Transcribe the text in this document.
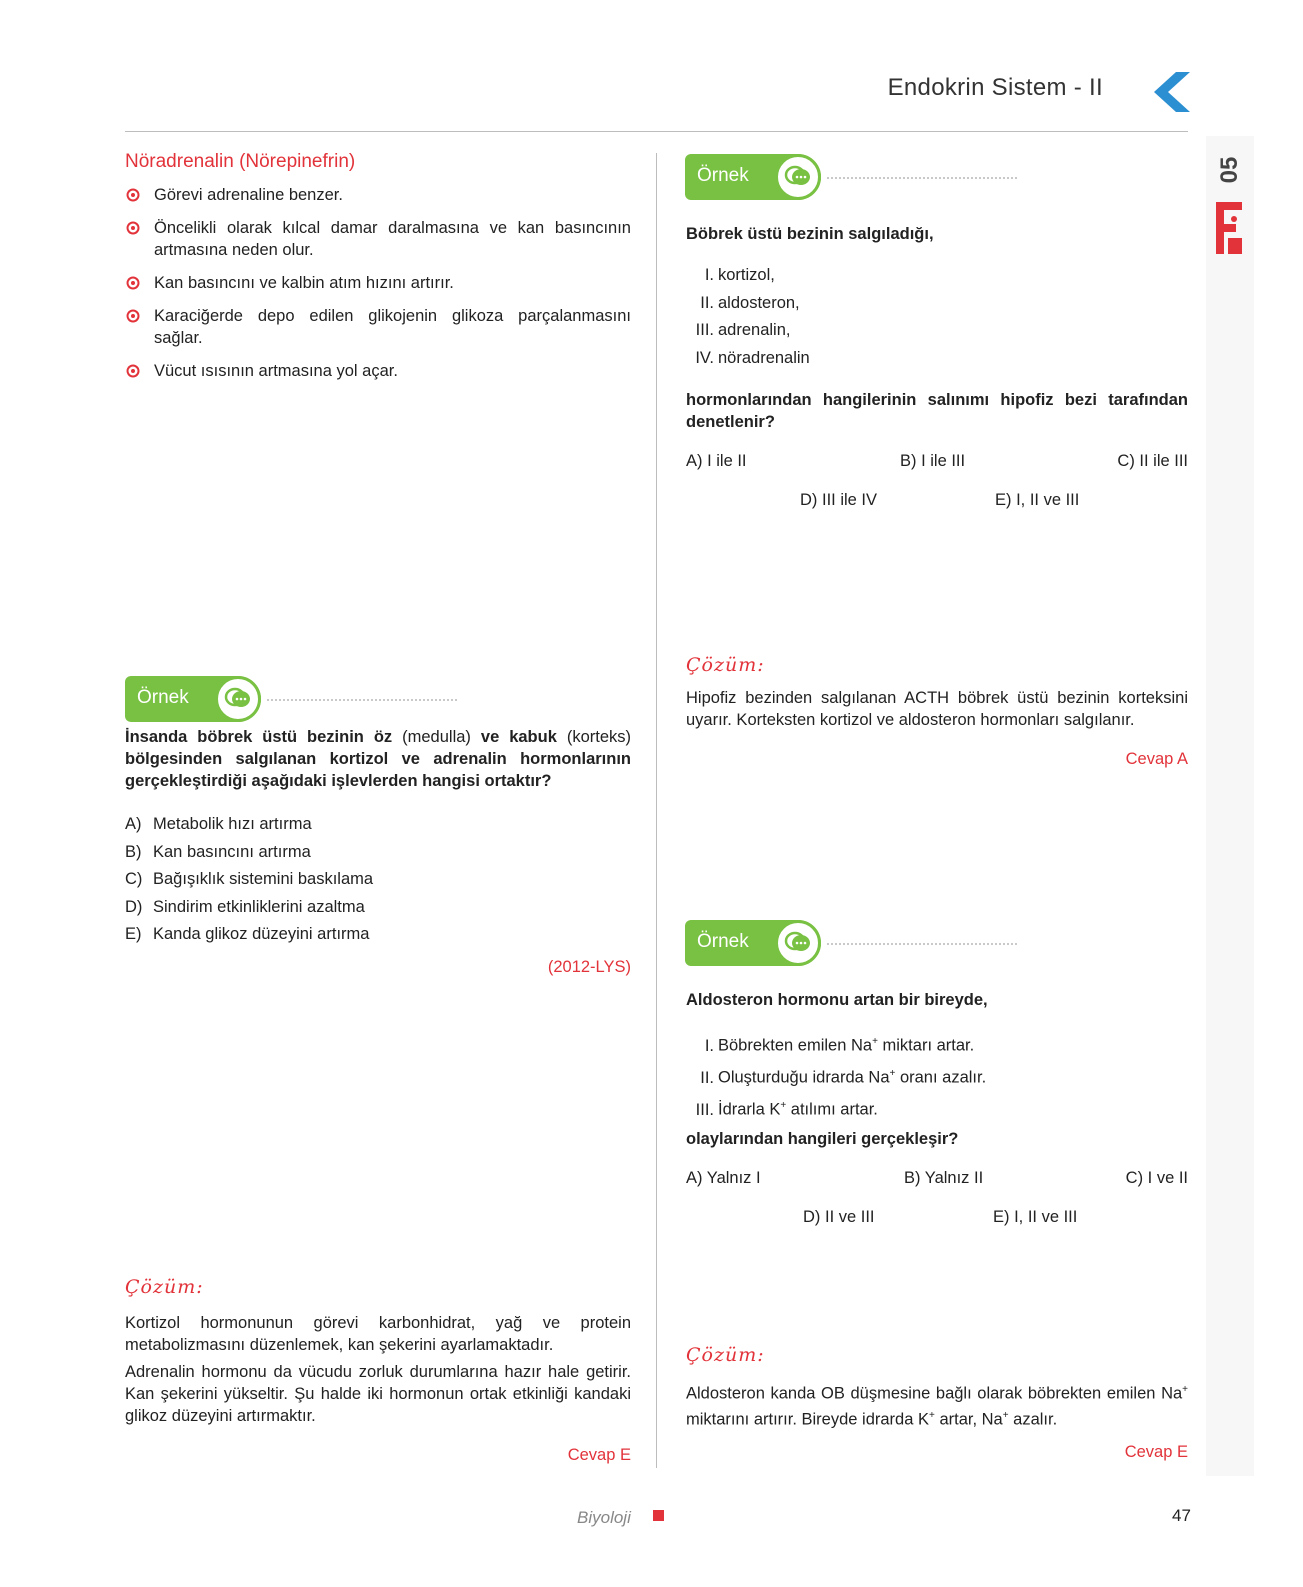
Endokrin Sistem - II
05
Nöradrenalin (Nörepinefrin)
Görevi adrenaline benzer.
Öncelikli olarak kılcal damar daralmasına ve kan basıncının artmasına neden olur.
Kan basıncını ve kalbin atım hızını artırır.
Karaciğerde depo edilen glikojenin glikoza parçalanmasını sağlar.
Vücut ısısının artmasına yol açar.
Örnek
İnsanda böbrek üstü bezinin öz (medulla) ve kabuk (korteks) bölgesinden salgılanan kortizol ve adrenalin hormonlarının gerçekleştirdiği aşağıdaki işlevlerden hangisi ortaktır?
A) Metabolik hızı artırma
B) Kan basıncını artırma
C) Bağışıklık sistemini baskılama
D) Sindirim etkinliklerini azaltma
E) Kanda glikoz düzeyini artırma
(2012-LYS)
Çözüm:
Kortizol hormonunun görevi karbonhidrat, yağ ve protein metabolizmasını düzenlemek, kan şekerini ayarlamaktadır.
Adrenalin hormonu da vücudu zorluk durumlarına hazır hale getirir. Kan şekerini yükseltir. Şu halde iki hormonun ortak etkinliği kandaki glikoz düzeyini artırmaktır.
Cevap E
Örnek
Böbrek üstü bezinin salgıladığı,
I. kortizol,
II. aldosteron,
III. adrenalin,
IV. nöradrenalin
hormonlarından hangilerinin salınımı hipofiz bezi tarafından denetlenir?
A) I ile II	B) I ile III	C) II ile III
D) III ile IV	E) I, II ve III
Çözüm:
Hipofiz bezinden salgılanan ACTH böbrek üstü bezinin korteksini uyarır. Korteksten kortizol ve aldosteron hormonları salgılanır.
Cevap A
Örnek
Aldosteron hormonu artan bir bireyde,
I. Böbrekten emilen Na+ miktarı artar.
II. Oluşturduğu idrarda Na+ oranı azalır.
III. İdrarla K+ atılımı artar.
olaylarından hangileri gerçekleşir?
A) Yalnız I	B) Yalnız II	C) I ve II
D) II ve III	E) I, II ve III
Çözüm:
Aldosteron kanda OB düşmesine bağlı olarak böbrekten emilen Na+ miktarını artırır. Bireyde idrarda K+ artar, Na+ azalır.
Cevap E
Biyoloji	47
